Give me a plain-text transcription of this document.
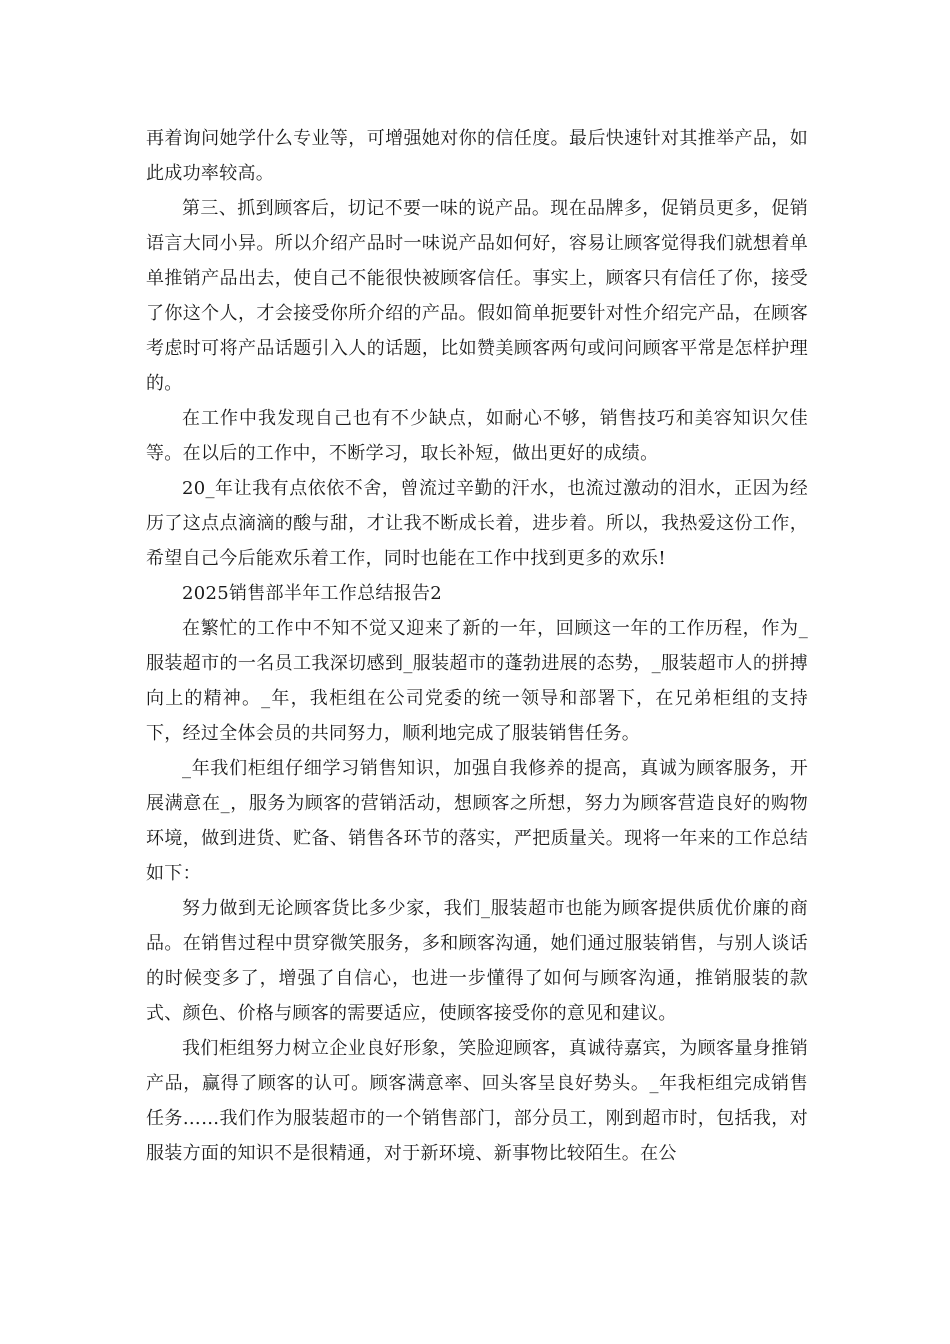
再着询问她学什么专业等，可增强她对你的信任度。最后快速针对其推举产品，如此成功率较高。

第三、抓到顾客后，切记不要一味的说产品。现在品牌多，促销员更多，促销语言大同小异。所以介绍产品时一味说产品如何好，容易让顾客觉得我们就想着单单推销产品出去，使自己不能很快被顾客信任。事实上，顾客只有信任了你，接受了你这个人，才会接受你所介绍的产品。假如简单扼要针对性介绍完产品，在顾客考虑时可将产品话题引入人的话题，比如赞美顾客两句或问问顾客平常是怎样护理的。

在工作中我发现自己也有不少缺点，如耐心不够，销售技巧和美容知识欠佳等。在以后的工作中，不断学习，取长补短，做出更好的成绩。

20_年让我有点依依不舍，曾流过辛勤的汗水，也流过激动的泪水，正因为经历了这点点滴滴的酸与甜，才让我不断成长着，进步着。所以，我热爱这份工作，希望自己今后能欢乐着工作，同时也能在工作中找到更多的欢乐!

2025销售部半年工作总结报告2

在繁忙的工作中不知不觉又迎来了新的一年，回顾这一年的工作历程，作为_服装超市的一名员工我深切感到_服装超市的蓬勃进展的态势，_服装超市人的拼搏向上的精神。_年，我柜组在公司党委的统一领导和部署下，在兄弟柜组的支持下，经过全体会员的共同努力，顺利地完成了服装销售任务。

_年我们柜组仔细学习销售知识，加强自我修养的提高，真诚为顾客服务，开展满意在_，服务为顾客的营销活动，想顾客之所想，努力为顾客营造良好的购物环境，做到进货、贮备、销售各环节的落实，严把质量关。现将一年来的工作总结如下：

努力做到无论顾客货比多少家，我们_服装超市也能为顾客提供质优价廉的商品。在销售过程中贯穿微笑服务，多和顾客沟通，她们通过服装销售，与别人谈话的时候变多了，增强了自信心，也进一步懂得了如何与顾客沟通，推销服装的款式、颜色、价格与顾客的需要适应，使顾客接受你的意见和建议。

我们柜组努力树立企业良好形象，笑脸迎顾客，真诚待嘉宾，为顾客量身推销产品，赢得了顾客的认可。顾客满意率、回头客呈良好势头。_年我柜组完成销售任务……我们作为服装超市的一个销售部门，部分员工，刚到超市时，包括我，对服装方面的知识不是很精通，对于新环境、新事物比较陌生。在公
